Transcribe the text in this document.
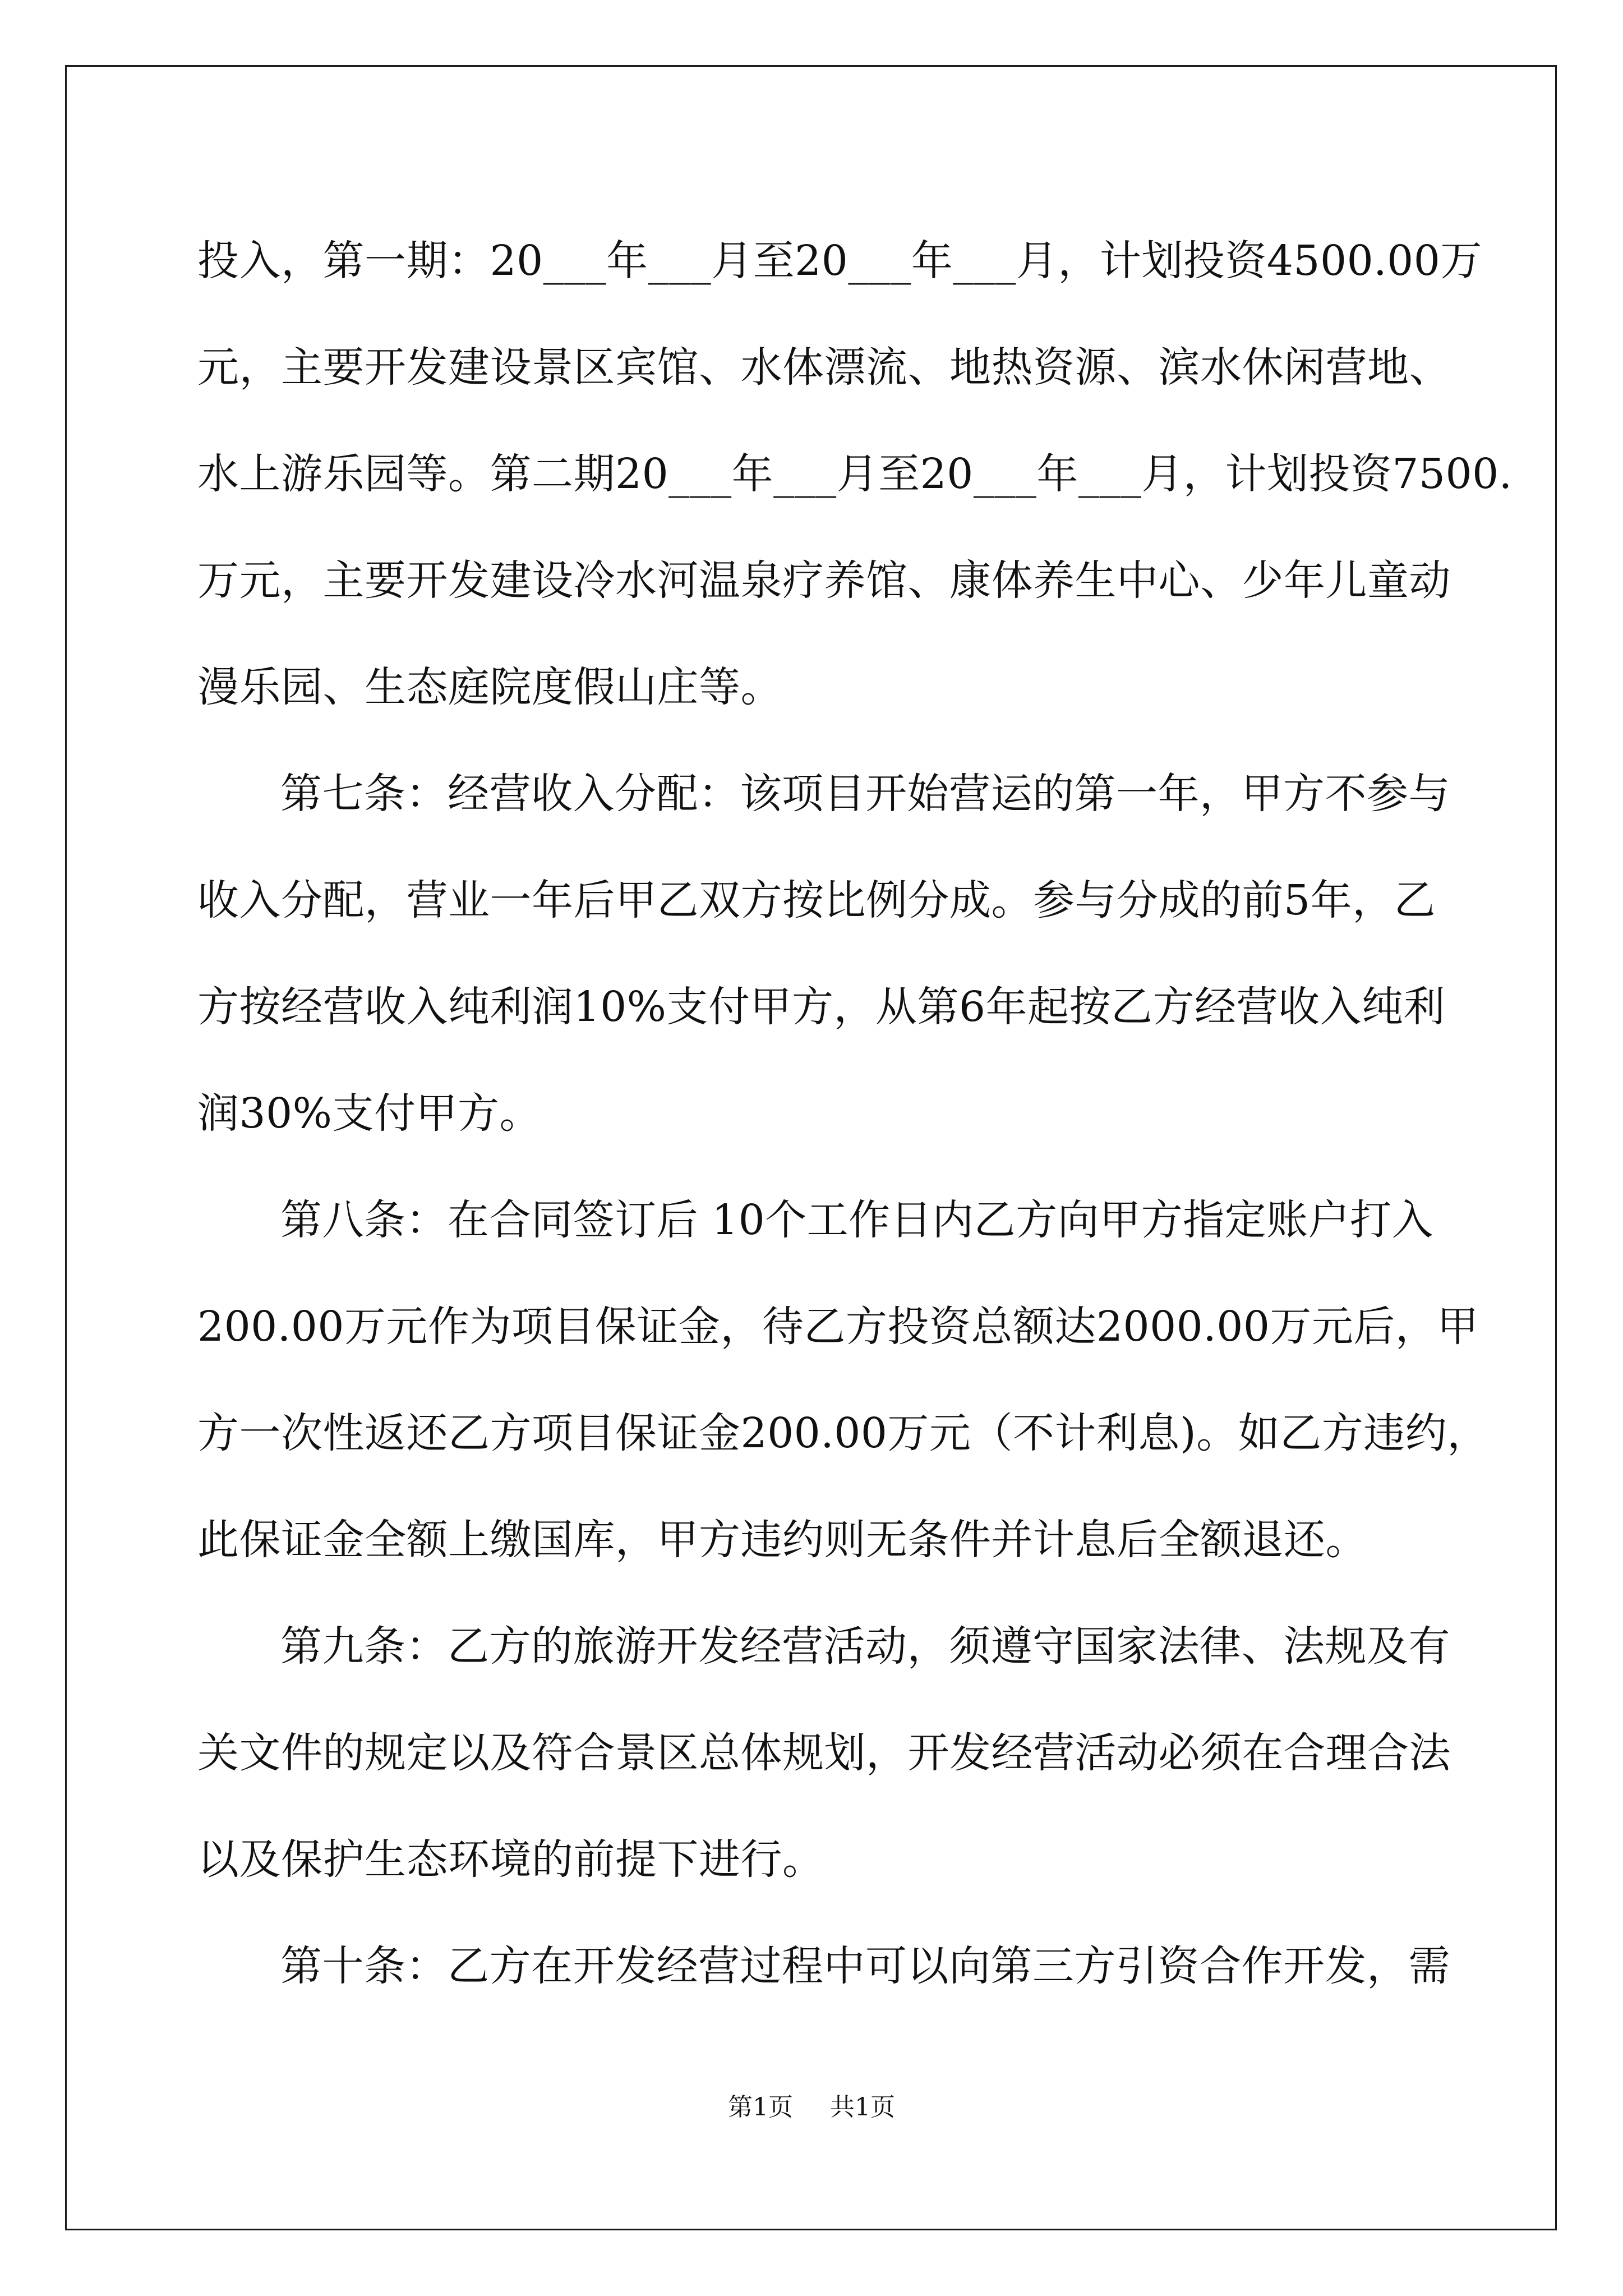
投入，第一期：20___年___月至20___年___月，计划投资4500.00万
元，主要开发建设景区宾馆、水体漂流、地热资源、滨水休闲营地、
水上游乐园等。第二期20___年___月至20___年___月，计划投资7500.
万元，主要开发建设冷水河温泉疗养馆、康体养生中心、少年儿童动
漫乐园、生态庭院度假山庄等。
第七条：经营收入分配：该项目开始营运的第一年，甲方不参与
收入分配，营业一年后甲乙双方按比例分成。参与分成的前5年，乙
方按经营收入纯利润10%支付甲方，从第6年起按乙方经营收入纯利
润30%支付甲方。
第八条：在合同签订后 10个工作日内乙方向甲方指定账户打入
200.00万元作为项目保证金，待乙方投资总额达2000.00万元后，甲
方一次性返还乙方项目保证金200.00万元（不计利息)。如乙方违约，
此保证金全额上缴国库，甲方违约则无条件并计息后全额退还。
第九条：乙方的旅游开发经营活动，须遵守国家法律、法规及有
关文件的规定以及符合景区总体规划，开发经营活动必须在合理合法
以及保护生态环境的前提下进行。
第十条：乙方在开发经营过程中可以向第三方引资合作开发，需
第1页 共1页
